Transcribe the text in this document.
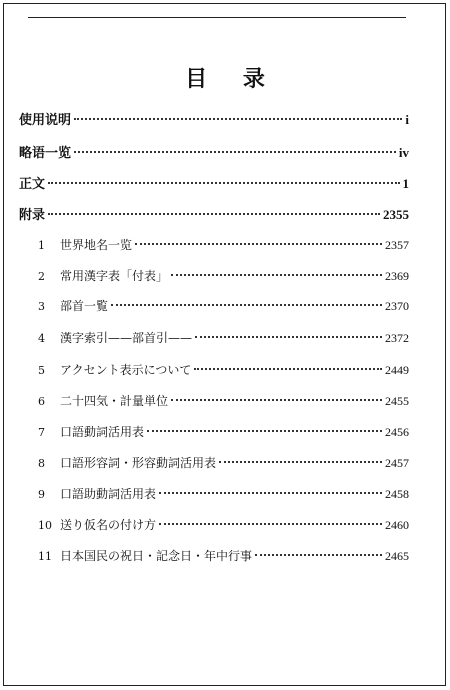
目 录
使用说明	i
略语一览	iv
正文	1
附录	2355
1	世界地名一览	2357
2	常用漢字表「付表」	2369
3	部首一覧	2370
4	漢字索引——部首引——	2372
5	アクセント表示について	2449
6	二十四気・計量単位	2455
7	口語動詞活用表	2456
8	口語形容詞・形容動詞活用表	2457
9	口語助動詞活用表	2458
10 送り仮名の付け方	2460
11 日本国民の祝日・記念日・年中行事	2465
